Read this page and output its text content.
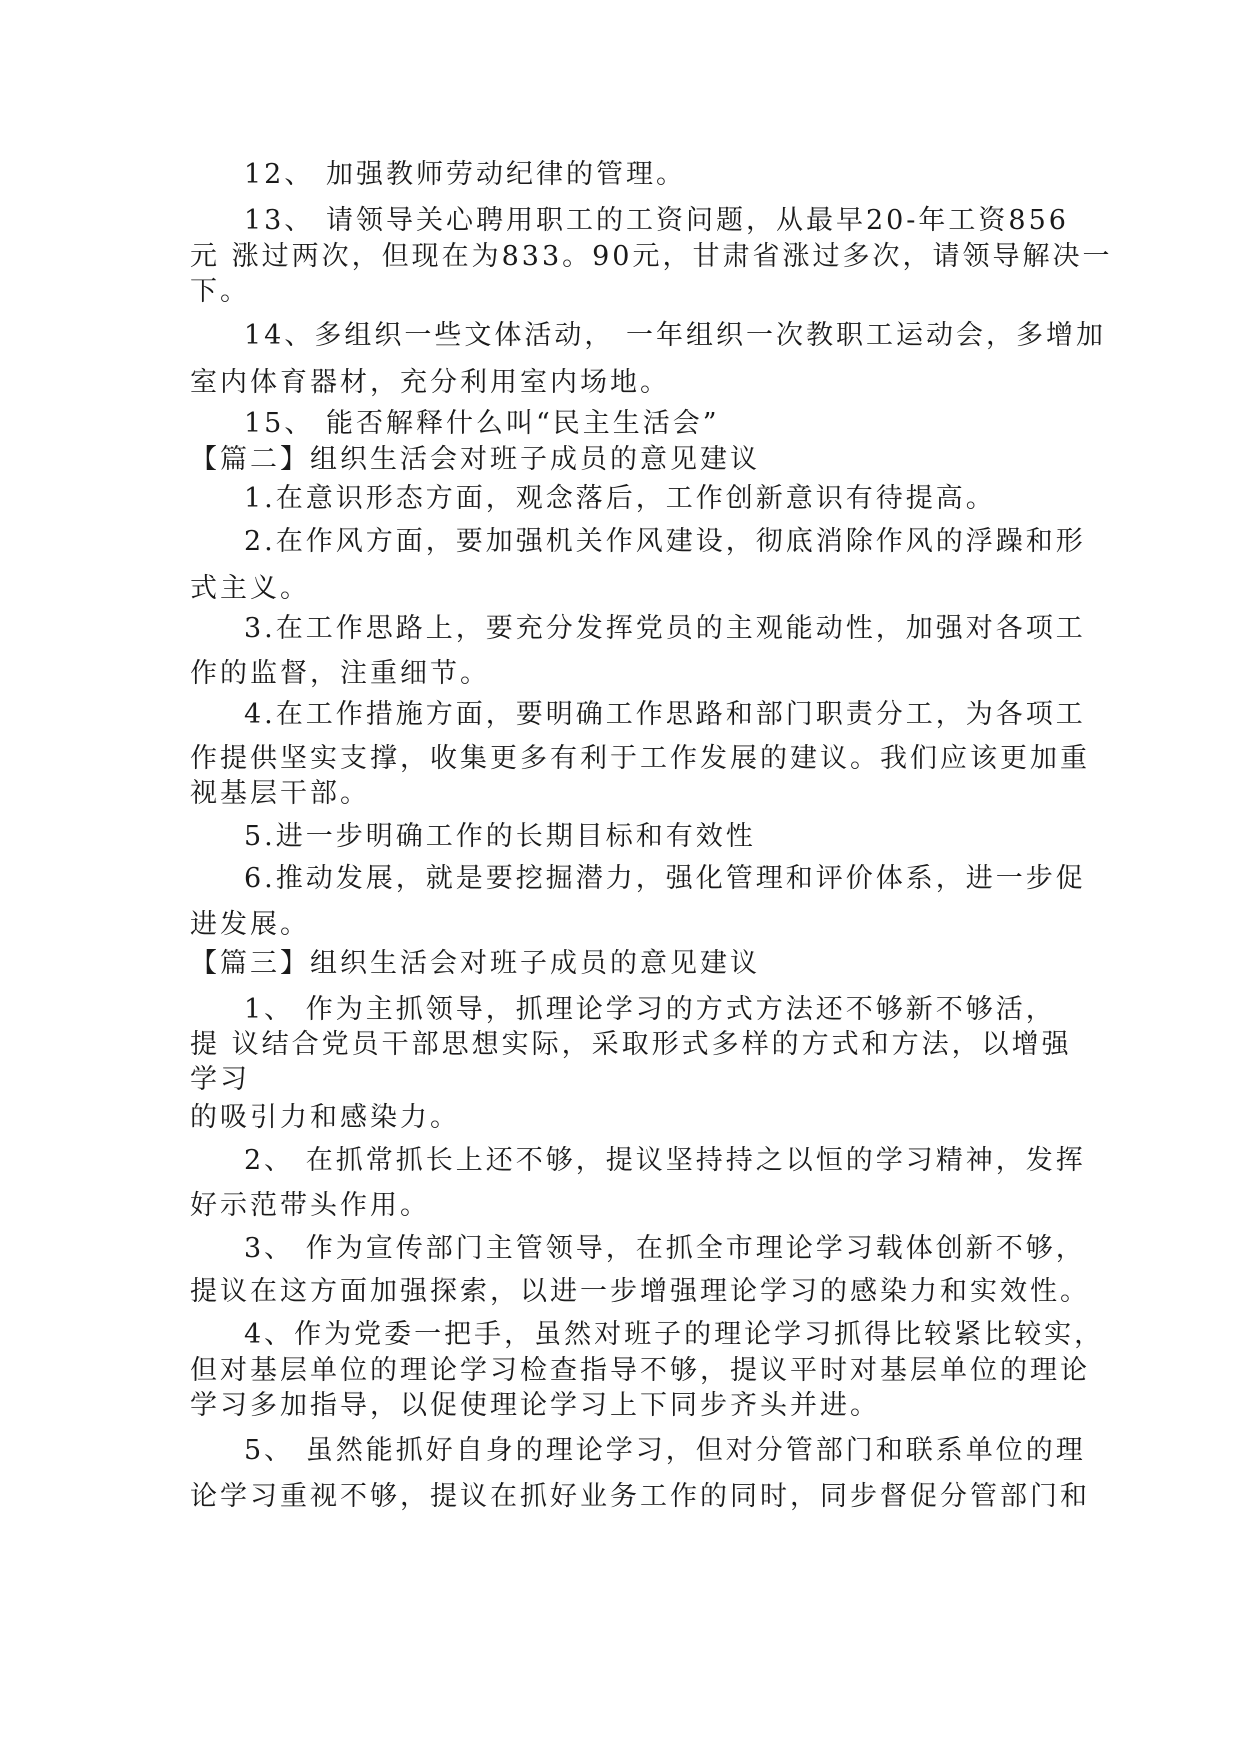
12、 加强教师劳动纪律的管理。
13、 请领导关心聘用职工的工资问题，从最早20-年工资856
元 涨过两次，但现在为833。90元，甘肃省涨过多次，请领导解决一
下。
14、多组织一些文体活动， 一年组织一次教职工运动会，多增加
室内体育器材，充分利用室内场地。
15、 能否解释什么叫“民主生活会”
【篇二】组织生活会对班子成员的意见建议
1.在意识形态方面，观念落后，工作创新意识有待提高。
2.在作风方面，要加强机关作风建设，彻底消除作风的浮躁和形
式主义。
3.在工作思路上，要充分发挥党员的主观能动性，加强对各项工
作的监督，注重细节。
4.在工作措施方面，要明确工作思路和部门职责分工，为各项工
作提供坚实支撑，收集更多有利于工作发展的建议。我们应该更加重
视基层干部。
5.进一步明确工作的长期目标和有效性
6.推动发展，就是要挖掘潜力，强化管理和评价体系，进一步促
进发展。
【篇三】组织生活会对班子成员的意见建议
1、 作为主抓领导，抓理论学习的方式方法还不够新不够活，
提 议结合党员干部思想实际，采取形式多样的方式和方法，以增强
学习
的吸引力和感染力。
2、 在抓常抓长上还不够，提议坚持持之以恒的学习精神，发挥
好示范带头作用。
3、 作为宣传部门主管领导，在抓全市理论学习载体创新不够，
提议在这方面加强探索，以进一步增强理论学习的感染力和实效性。
4、作为党委一把手，虽然对班子的理论学习抓得比较紧比较实，
但对基层单位的理论学习检查指导不够，提议平时对基层单位的理论
学习多加指导，以促使理论学习上下同步齐头并进。
5、 虽然能抓好自身的理论学习，但对分管部门和联系单位的理
论学习重视不够，提议在抓好业务工作的同时，同步督促分管部门和
